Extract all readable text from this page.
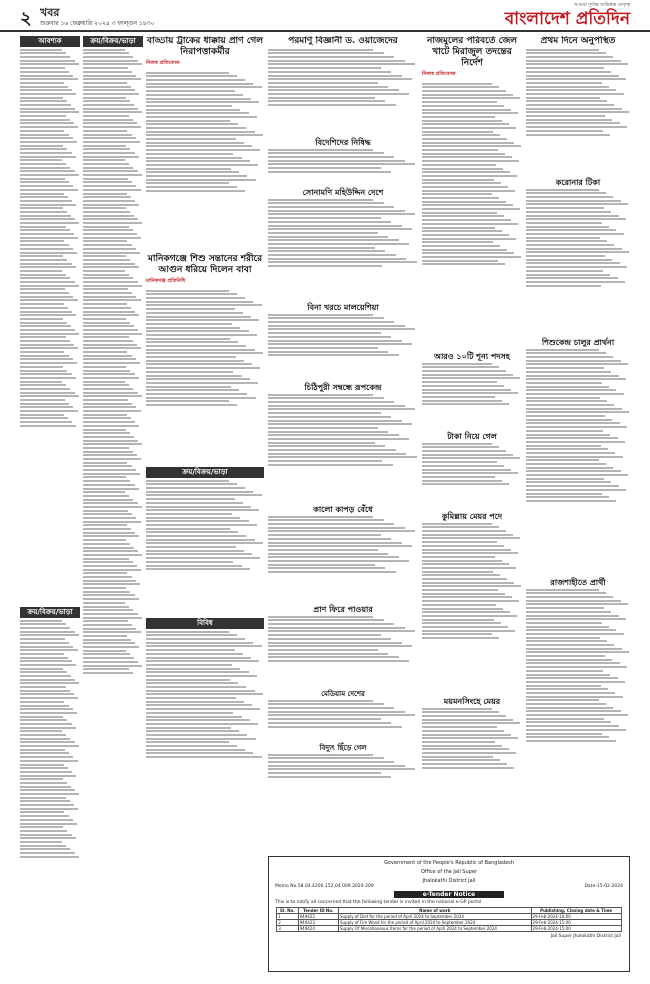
২ খবর
শুক্রবার ১৬ ফেব্রুয়ারি ২০২৪ ৩ ফাল্গুন ১৪৩০
আমরা দুর্দান্ত অভিশ্বস্ত নেতৃত্ব
বাংলাদেশ প্রতিদিন
আবশ্যক
ক্রয়/বিক্রয়/ভাড়া
ক্রয়/বিক্রয়/ভাড়া	বাড্ডায় ট্রাকের ধাক্কায় প্রাণ গেল নিরাপত্তাকর্মীর
নিজস্ব প্রতিবেদক
মানিকগঞ্জে শিশু সন্তানের শরীরে আগুন ধরিয়ে দিলেন বাবা
মানিকগঞ্জ প্রতিনিধি
ক্রয়/বিক্রয়/ভাড়া
বিবিধ
পরমাণু বিজ্ঞানী ড. ওয়াজেদের
বিদেশিদের নিষিদ্ধ
সোনামণি মহিউদ্দিন দেশে
বিনা খরচে মালয়েশিয়া
চিঠিপুরী সম্বন্ধে রূপকেন্দ্র
কালো কাপড় বেঁধে
প্রাণ ফিরে পাওয়ার
মেডিয়াম দেশের
বিদ্যুৎ ছিঁড়ে গেল
নাজমুলের পরিবর্তে জেল খাটে মিরাজুল তদন্তের নির্দেশ
নিজস্ব প্রতিবেদক
আরও ১০টি শূন্য পদসহ
টাকা নিয়ে গেল
কুমিল্লায় মেয়র পদে
ময়মনসিংহে মেয়র
প্রথম দিনে অনুপস্থিত
করোনার টিকা
শিশুকেন্দ্র চালুর প্রার্থনা
রাজশাহীতে প্রার্থী
Government of the People's Republic of Bangladesh
Office of the Jail Super
Jhalokathi District Jail
Memo No.58.04.4200.152.04.009.2024-209	Date-15-02-2024
e-Tender Notice
This is to notify all concerned that the following tender is invited in the national e-GP portal
Sl. No.	Tender ID No.	Name of work	Publishing, Closing date & Time
1	949422	Supply of Diet for the period of April 2024 to September 2024	29-Feb-2024-10:00
2	949423	Supply of Fire Wood for the period of April 2024 to September 2024	29-Feb-2024-15:00
3	949424	Supply Of Miscellaneous Items for the period of April 2024 to September 2024	29-Feb-2024-15:00
Jail Super Jhalokathi District Jail
